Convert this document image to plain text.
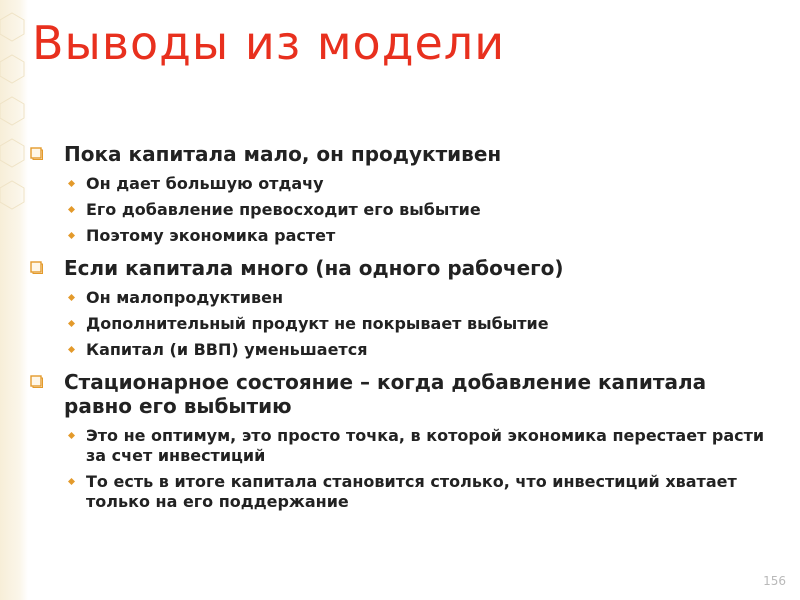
Выводы из модели
Пока капитала мало, он продуктивен
Он дает большую отдачу
Его добавление превосходит его выбытие
Поэтому экономика растет
Если капитала много (на одного рабочего)
Он малопродуктивен
Дополнительный продукт не покрывает выбытие
Капитал (и ВВП) уменьшается
Стационарное состояние – когда добавление капитала равно его выбытию
Это не оптимум, это просто точка, в которой экономика перестает расти за счет инвестиций
То есть в итоге капитала становится столько, что инвестиций хватает только на его поддержание
156
